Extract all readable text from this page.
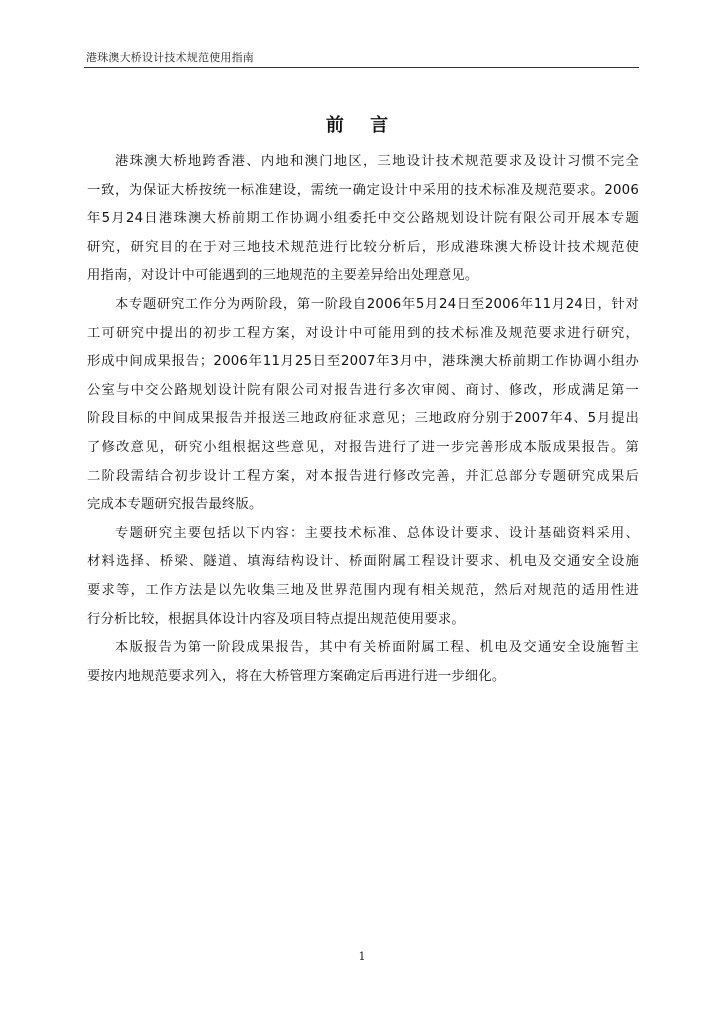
港珠澳大桥设计技术规范使用指南
前 言
港珠澳大桥地跨香港、内地和澳门地区，三地设计技术规范要求及设计习惯不完全
一致，为保证大桥按统一标准建设，需统一确定设计中采用的技术标准及规范要求。2006
年5月24日港珠澳大桥前期工作协调小组委托中交公路规划设计院有限公司开展本专题
研究，研究目的在于对三地技术规范进行比较分析后，形成港珠澳大桥设计技术规范使
用指南，对设计中可能遇到的三地规范的主要差异给出处理意见。
本专题研究工作分为两阶段，第一阶段自2006年5月24日至2006年11月24日，针对
工可研究中提出的初步工程方案，对设计中可能用到的技术标准及规范要求进行研究，
形成中间成果报告；2006年11月25日至2007年3月中，港珠澳大桥前期工作协调小组办
公室与中交公路规划设计院有限公司对报告进行多次审阅、商讨、修改，形成满足第一
阶段目标的中间成果报告并报送三地政府征求意见；三地政府分别于2007年4、5月提出
了修改意见，研究小组根据这些意见，对报告进行了进一步完善形成本版成果报告。第
二阶段需结合初步设计工程方案，对本报告进行修改完善，并汇总部分专题研究成果后
完成本专题研究报告最终版。
专题研究主要包括以下内容：主要技术标准、总体设计要求、设计基础资料采用、
材料选择、桥梁、隧道、填海结构设计、桥面附属工程设计要求、机电及交通安全设施
要求等，工作方法是以先收集三地及世界范围内现有相关规范，然后对规范的适用性进
行分析比较，根据具体设计内容及项目特点提出规范使用要求。
本版报告为第一阶段成果报告，其中有关桥面附属工程、机电及交通安全设施暂主
要按内地规范要求列入，将在大桥管理方案确定后再进行进一步细化。
1
